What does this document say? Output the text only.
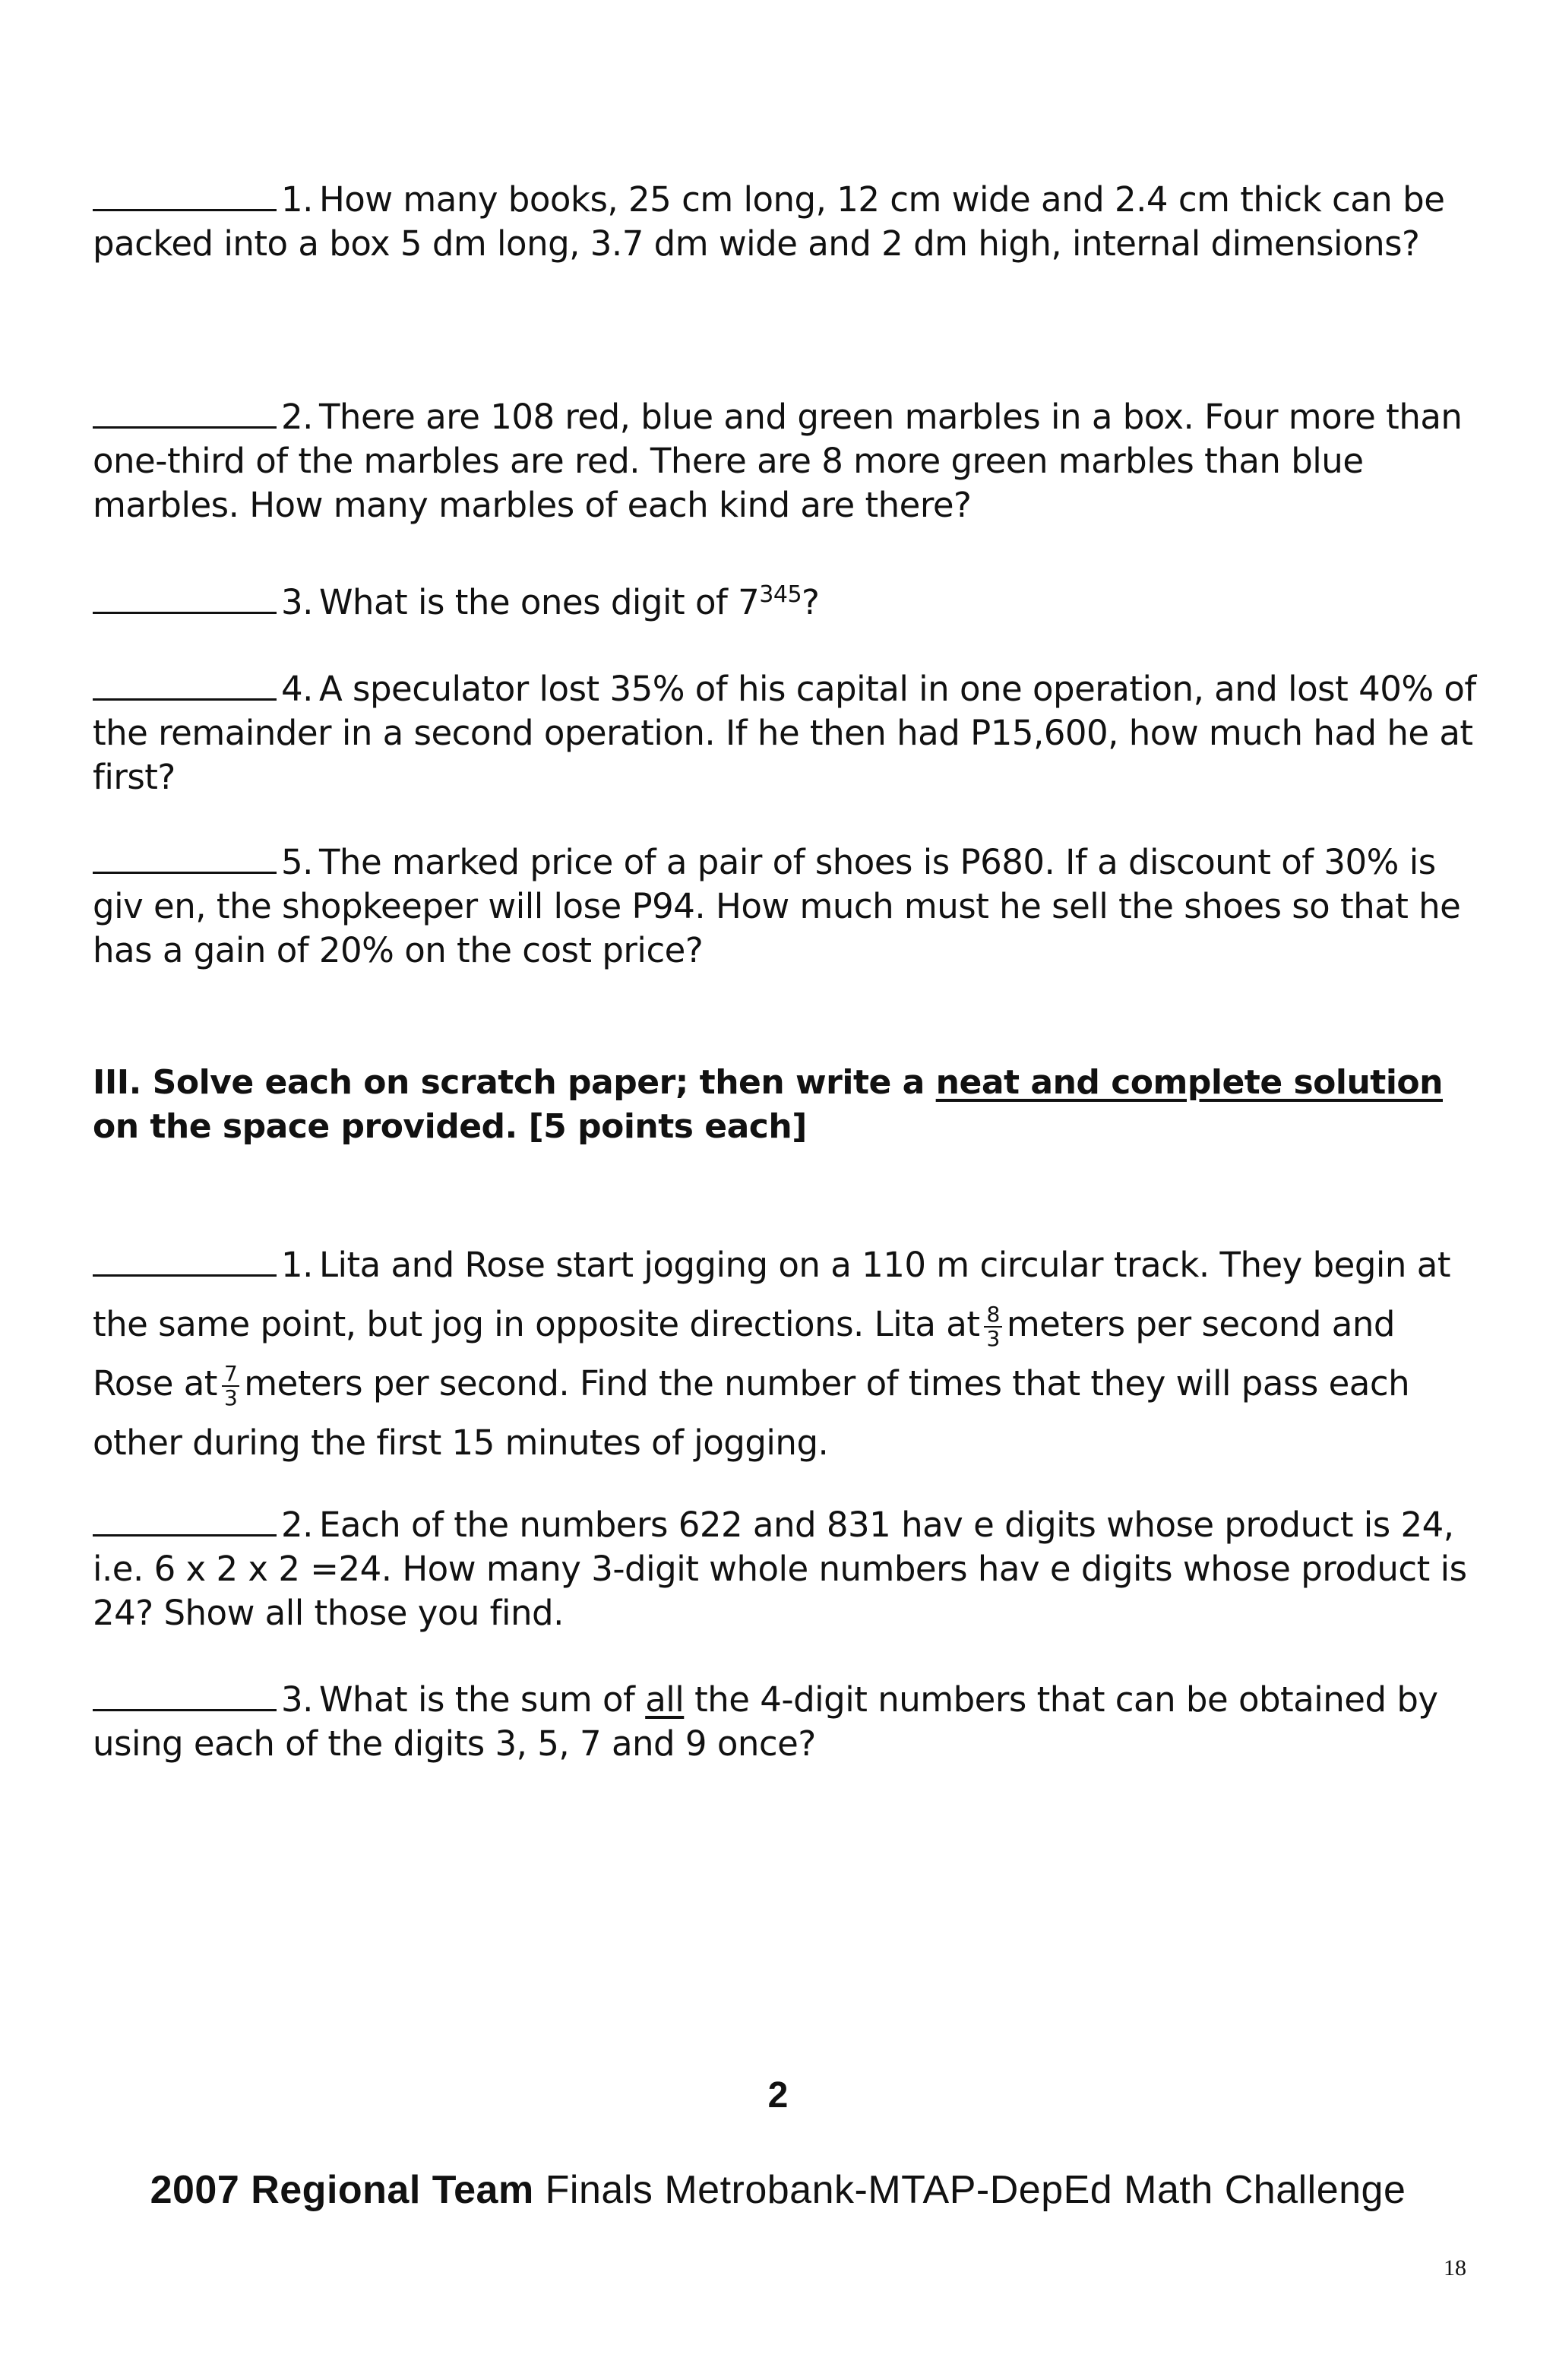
1. How many books, 25 cm long, 12 cm wide and 2.4 cm thick can be packed into a box 5 dm long, 3.7 dm wide and 2 dm high, internal dimensions?
2. There are 108 red, blue and green marbles in a box. Four more than one-third of the marbles are red. There are 8 more green marbles than blue marbles. How many marbles of each kind are there?
3. What is the ones digit of $7^{345}$?
4. A speculator lost 35% of his capital in one operation, and lost 40% of the remainder in a second operation. If he then had P15,600, how much had he at first?
5. The marked price of a pair of shoes is P680. If a discount of 30% is giv en, the shopkeeper will lose P94. How much must he sell the shoes so that he has a gain of 20% on the cost price?
III. Solve each on scratch paper; then write a neat and complete solution on the space provided. [5 points each]
1. Lita and Rose start jogging on a 110 m circular track. They begin at the same point, but jog in opposite directions. Lita at $\frac{8}{3}$ meters per second and Rose at $\frac{7}{3}$ meters per second. Find the number of times that they will pass each other during the first 15 minutes of jogging.
2. Each of the numbers 622 and 831 hav e digits whose product is 24, i.e. 6 x 2 x 2 =24. How many 3-digit whole numbers hav e digits whose product is 24? Show all those you find.
3. What is the sum of all the 4-digit numbers that can be obtained by using each of the digits 3, 5, 7 and 9 once?
2
2007 Regional Team Finals Metrobank-MTAP-DepEd Math Challenge
18
